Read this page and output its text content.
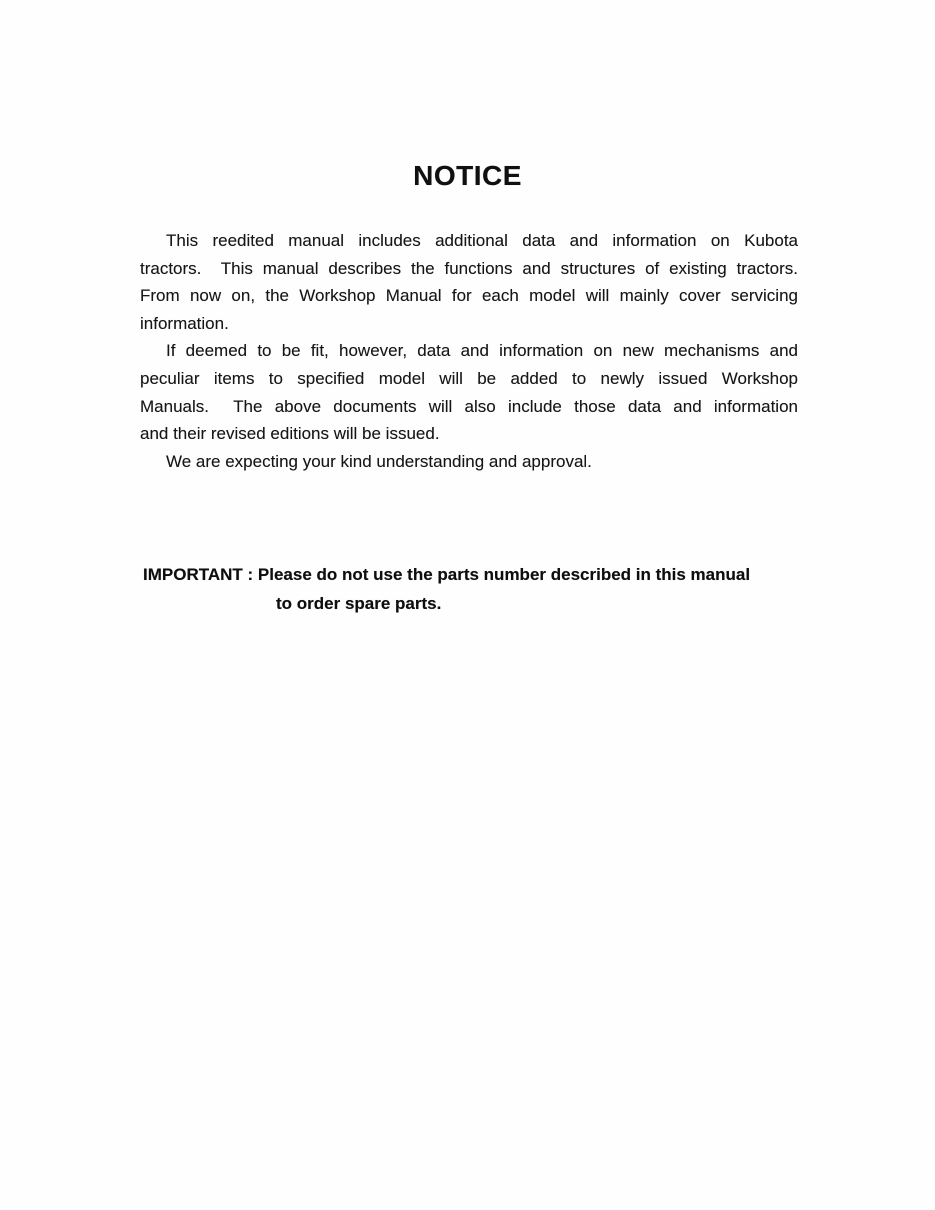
NOTICE
This reedited manual includes additional data and information on Kubota
tractors.  This manual describes the functions and structures of existing tractors.
From now on, the Workshop Manual for each model will mainly cover servicing
information.
If deemed to be fit, however, data and information on new mechanisms and
peculiar items to specified model will be added to newly issued Workshop
Manuals.  The above documents will also include those data and information
and their revised editions will be issued.
We are expecting your kind understanding and approval.
IMPORTANT : Please do not use the parts number described in this manual
to order spare parts.
